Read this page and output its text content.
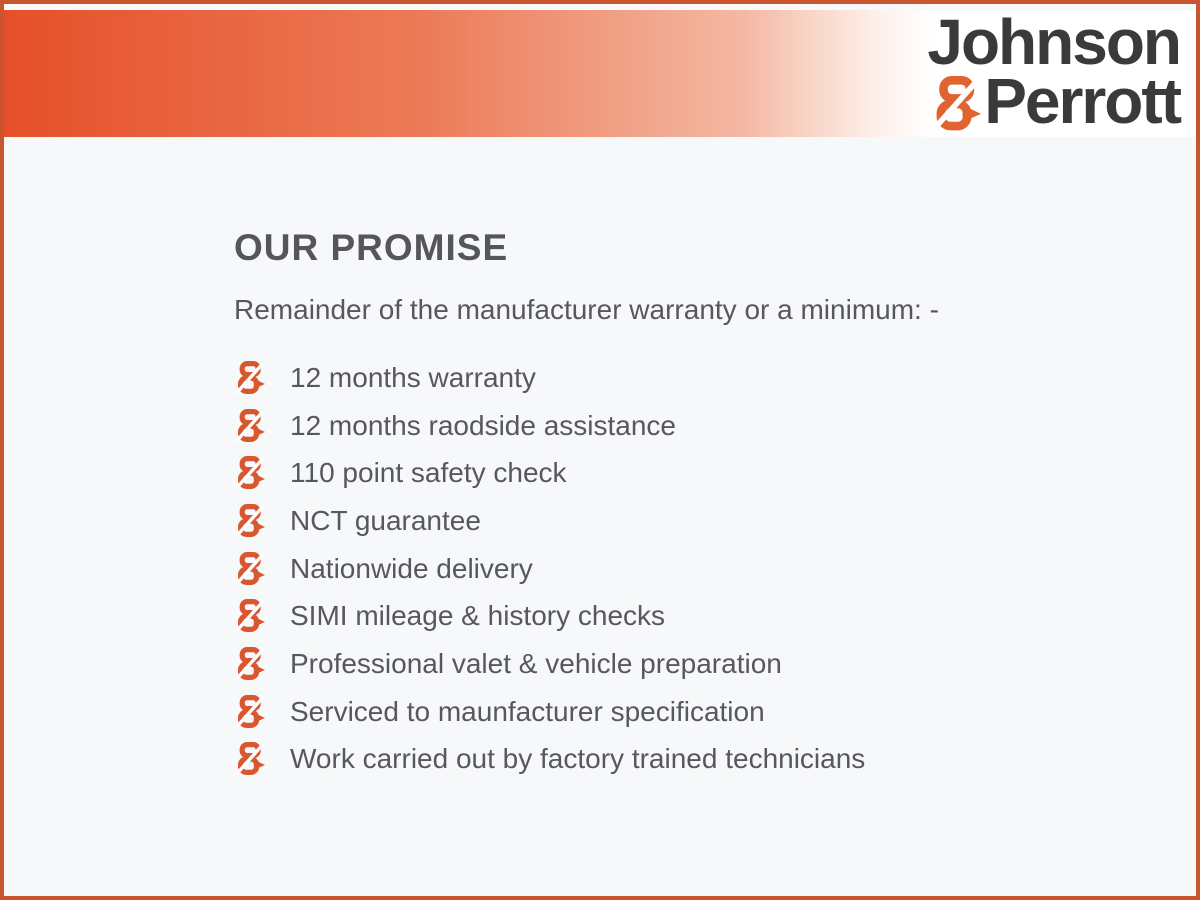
Johnson
Perrott
OUR PROMISE
Remainder of the manufacturer warranty or a minimum: -
12 months warranty
12 months raodside assistance
110 point safety check
NCT guarantee
Nationwide delivery
SIMI mileage & history checks
Professional valet & vehicle preparation
Serviced to maunfacturer specification
Work carried out by factory trained technicians
